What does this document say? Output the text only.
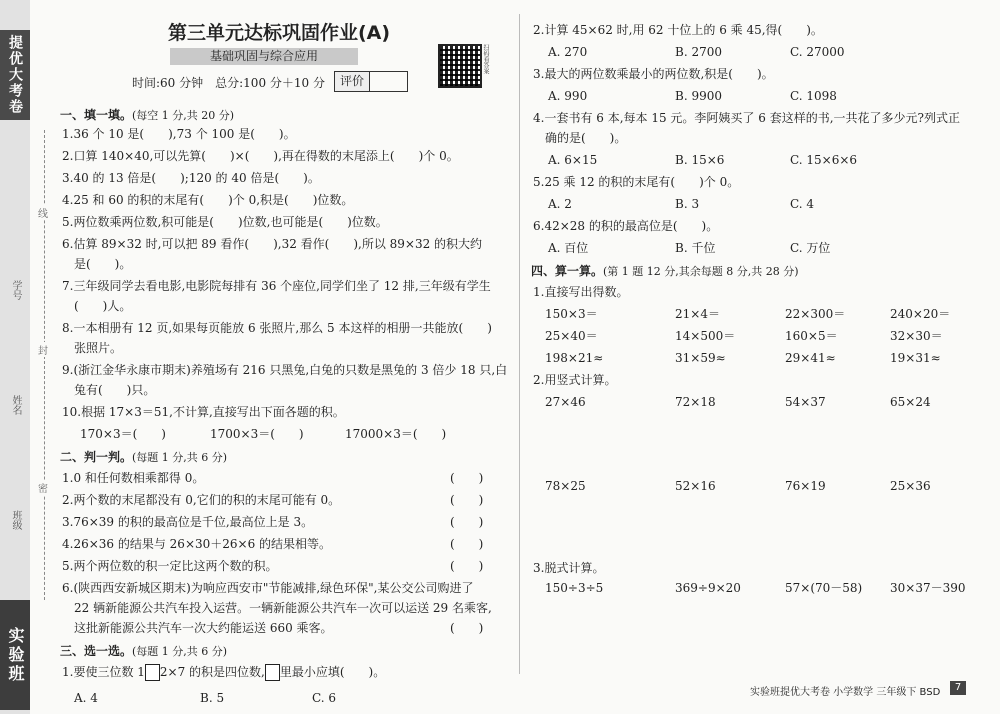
提优大考卷
实验班
学号
姓名
班级
线
封
密
第三单元达标巩固作业(A)
基础巩固与综合应用
时间:60 分钟　总分:100 分＋10 分	评价
扫码看答案
一、填一填。(每空 1 分,共 20 分)
1.36 个 10 是(　　),73 个 100 是(　　)。
2.口算 140×40,可以先算(　　)×(　　),再在得数的末尾添上(　　)个 0。
3.40 的 13 倍是(　　);120 的 40 倍是(　　)。
4.25 和 60 的积的末尾有(　　)个 0,积是(　　)位数。
5.两位数乘两位数,积可能是(　　)位数,也可能是(　　)位数。
6.估算 89×32 时,可以把 89 看作(　　),32 看作(　　),所以 89×32 的积大约
是(　　)。
7.三年级同学去看电影,电影院每排有 36 个座位,同学们坐了 12 排,三年级有学生
(　　)人。
8.一本相册有 12 页,如果每页能放 6 张照片,那么 5 本这样的相册一共能放(　　)
张照片。
9.(浙江金华永康市期末)养殖场有 216 只黑兔,白兔的只数是黑兔的 3 倍少 18 只,白
兔有(　　)只。
10.根据 17×3＝51,不计算,直接写出下面各题的积。
170×3＝(　　)	1700×3＝(　　)	17000×3＝(　　)
二、判一判。(每题 1 分,共 6 分)
1.0 和任何数相乘都得 0。	(　　)
2.两个数的末尾都没有 0,它们的积的末尾可能有 0。	(　　)
3.76×39 的积的最高位是千位,最高位上是 3。	(　　)
4.26×36 的结果与 26×30＋26×6 的结果相等。	(　　)
5.两个两位数的积一定比这两个数的积。	(　　)
6.(陕西西安新城区期末)为响应西安市"节能减排,绿色环保",某公交公司购进了
22 辆新能源公共汽车投入运营。一辆新能源公共汽车一次可以运送 29 名乘客,
这批新能源公共汽车一次大约能运送 660 乘客。	(　　)
三、选一选。(每题 1 分,共 6 分)
1.要使三位数 1 2×7 的积是四位数, 里最小应填(　　)。
A. 4	B. 5	C. 6
2.计算 45×62 时,用 62 十位上的 6 乘 45,得(　　)。
A. 270	B. 2700	C. 27000
3.最大的两位数乘最小的两位数,积是(　　)。
A. 990	B. 9900	C. 1098
4.一套书有 6 本,每本 15 元。李阿姨买了 6 套这样的书,一共花了多少元?列式正
确的是(　　)。
A. 6×15	B. 15×6	C. 15×6×6
5.25 乘 12 的积的末尾有(　　)个 0。
A. 2	B. 3	C. 4
6.42×28 的积的最高位是(　　)。
A. 百位	B. 千位	C. 万位
四、算一算。(第 1 题 12 分,其余每题 8 分,共 28 分)
1.直接写出得数。
150×3＝	21×4＝	22×300＝	240×20＝
25×40＝	14×500＝	160×5＝	32×30＝
198×21≈	31×59≈	29×41≈	19×31≈
2.用竖式计算。
27×46	72×18	54×37	65×24
78×25	52×16	76×19	25×36
3.脱式计算。
150÷3÷5	369÷9×20	57×(70－58) 30×37－390
实验班提优大考卷 小学数学 三年级下 BSD	7
